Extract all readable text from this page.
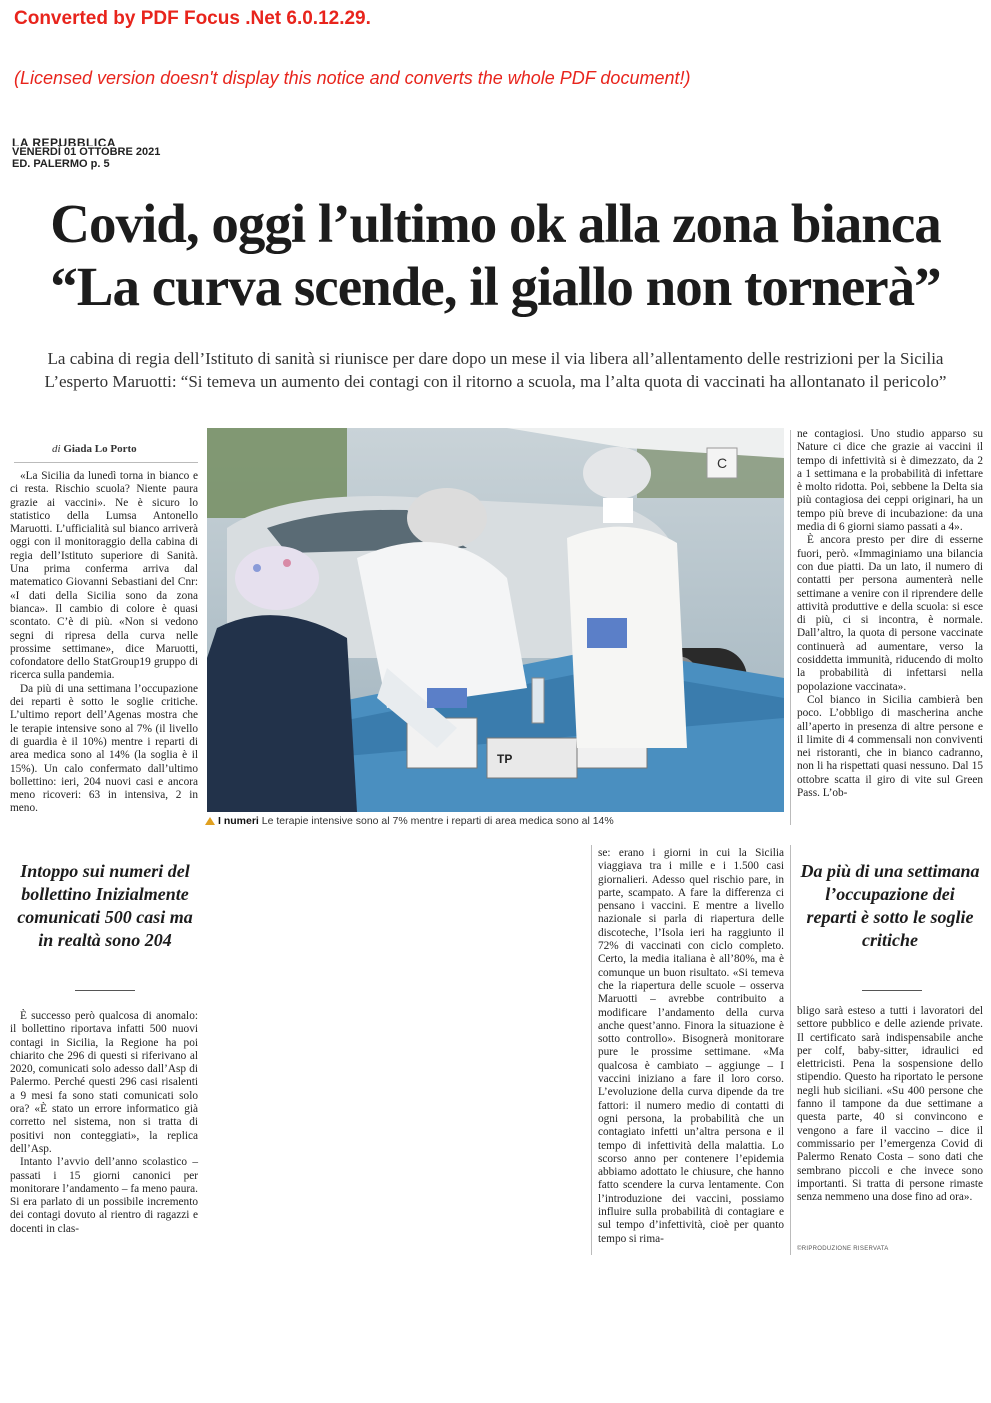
Converted by PDF Focus .Net 6.0.12.29.
(Licensed version doesn't display this notice and converts the whole PDF document!)
LA REPUBBLICA
VENERDÌ 01 OTTOBRE 2021
ED. PALERMO p. 5
Covid, oggi l’ultimo ok alla zona bianca
“La curva scende, il giallo non tornerà”
La cabina di regia dell’Istituto di sanità si riunisce per dare dopo un mese il via libera all’allentamento delle restrizioni per la Sicilia
L’esperto Maruotti: “Si temeva un aumento dei contagi con il ritorno a scuola, ma l’alta quota di vaccinati ha allontanato il pericolo”
di Giada Lo Porto

«La Sicilia da lunedì torna in bianco e ci resta. Rischio scuola? Niente paura grazie ai vaccini». Ne è sicuro lo statistico della Lumsa Antonello Maruotti. L’ufficialità sul bianco arriverà oggi con il monitoraggio della cabina di regia dell’Istituto superiore di Sanità. Una prima conferma arriva dal matematico Giovanni Sebastiani del Cnr: «I dati della Sicilia sono da zona bianca». Il cambio di colore è quasi scontato. C’è di più. «Non si vedono segni di ripresa della curva nelle prossime settimane», dice Maruotti, cofondatore dello StatGroup19 gruppo di ricerca sulla pandemia.

Da più di una settimana l’occupazione dei reparti è sotto le soglie critiche. L’ultimo report dell’Agenas mostra che le terapie intensive sono al 7% (il livello di guardia è il 10%) mentre i reparti di area medica sono al 14% (la soglia è il 15%). Un calo confermato dall’ultimo bollettino: ieri, 204 nuovi casi e ancora meno ricoveri: 63 in intensiva, 2 in meno.

C
TP
I numeri Le terapie intensive sono al 7% mentre i reparti di area medica sono al 14%

ne contagiosi. Uno studio apparso su Nature ci dice che grazie ai vaccini il tempo di infettività si è dimezzato, da 2 a 1 settimana e la probabilità di infettare è molto ridotta. Poi, sebbene la Delta sia più contagiosa dei ceppi originari, ha un tempo più breve di incubazione: da una media di 6 giorni siamo passati a 4».

È ancora presto per dire di esserne fuori, però. «Immaginiamo una bilancia con due piatti. Da un lato, il numero di contatti per persona aumenterà nelle settimane a venire con il riprendere delle attività produttive e della scuola: si esce di più, ci si incontra, è normale. Dall’altro, la quota di persone vaccinate continuerà ad aumentare, verso la cosiddetta immunità, riducendo di molto la probabilità di infettarsi nella popolazione vaccinata».

Col bianco in Sicilia cambierà ben poco. L’obbligo di mascherina anche all’aperto in presenza di altre persone e il limite di 4 commensali non conviventi nei ristoranti, che in bianco cadranno, non li ha rispettati quasi nessuno. Dal 15 ottobre scatta il giro di vite sul Green Pass. L’ob-

Intoppo sui numeri del bollettino Inizialmente comunicati 500 casi ma in realtà sono 204

È successo però qualcosa di anomalo: il bollettino riportava infatti 500 nuovi contagi in Sicilia, la Regione ha poi chiarito che 296 di questi si riferivano al 2020, comunicati solo adesso dall’Asp di Palermo. Perché questi 296 casi risalenti a 9 mesi fa sono stati comunicati solo ora? «È stato un errore informatico già corretto nel sistema, non si tratta di positivi non conteggiati», la replica dell’Asp.

Intanto l’avvio dell’anno scolastico – passati i 15 giorni canonici per monitorare l’andamento – fa meno paura. Si era parlato di un possibile incremento dei contagi dovuto al rientro di ragazzi e docenti in clas-

se: erano i giorni in cui la Sicilia viaggiava tra i mille e i 1.500 casi giornalieri. Adesso quel rischio pare, in parte, scampato. A fare la differenza ci pensano i vaccini. E mentre a livello nazionale si parla di riapertura delle discoteche, l’Isola ieri ha raggiunto il 72% di vaccinati con ciclo completo. Certo, la media italiana è all’80%, ma è comunque un buon risultato. «Si temeva che la riapertura delle scuole – osserva Maruotti – avrebbe contribuito a modificare l’andamento della curva anche quest’anno. Finora la situazione è sotto controllo». Bisognerà monitorare pure le prossime settimane. «Ma qualcosa è cambiato – aggiunge – I vaccini iniziano a fare il loro corso. L’evoluzione della curva dipende da tre fattori: il numero medio di contatti di ogni persona, la probabilità che un contagiato infetti un’altra persona e il tempo di infettività della malattia. Lo scorso anno per contenere l’epidemia abbiamo adottato le chiusure, che hanno fatto scendere la curva lentamente. Con l’introduzione dei vaccini, possiamo influire sulla probabilità di contagiare e sul tempo d’infettività, cioè per quanto tempo si rima-

Da più di una settimana l’occupazione dei reparti è sotto le soglie critiche

bligo sarà esteso a tutti i lavoratori del settore pubblico e delle aziende private. Il certificato sarà indispensabile anche per colf, baby-sitter, idraulici ed elettricisti. Pena la sospensione dello stipendio. Questo ha riportato le persone negli hub siciliani. «Su 400 persone che fanno il tampone da due settimane a questa parte, 40 si convincono e vengono a fare il vaccino – dice il commissario per l’emergenza Covid di Palermo Renato Costa – sono dati che sembrano piccoli e che invece sono importanti. Si tratta di persone rimaste senza nemmeno una dose fino ad ora».

©RIPRODUZIONE RISERVATA
